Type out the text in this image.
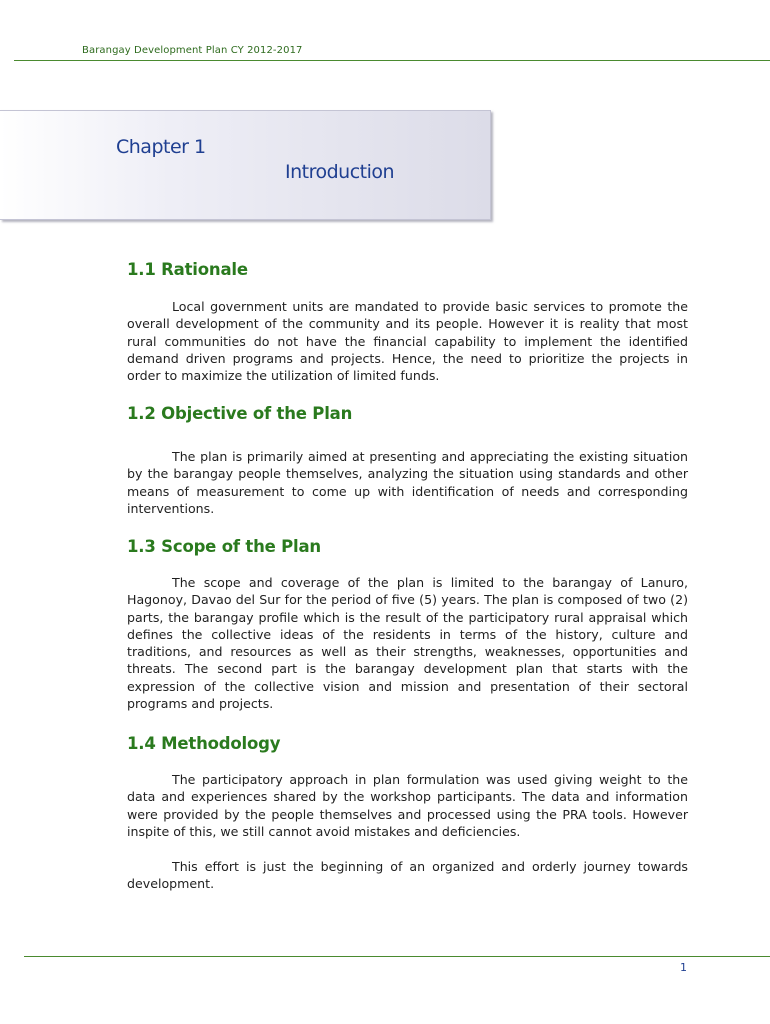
Barangay Development Plan CY 2012-2017
Chapter 1
Introduction
1.1 Rationale

Local government units are mandated to provide basic services to promote the overall development of the community and its people. However it is reality that most rural communities do not have the financial capability to implement the identified demand driven programs and projects. Hence, the need to prioritize the projects in order to maximize the utilization of limited funds.

1.2 Objective of the Plan

The plan is primarily aimed at presenting and appreciating the existing situation by the barangay people themselves, analyzing the situation using standards and other means of measurement to come up with identification of needs and corresponding interventions.

1.3 Scope of the Plan

The scope and coverage of the plan is limited to the barangay of Lanuro, Hagonoy, Davao del Sur for the period of five (5) years. The plan is composed of two (2) parts, the barangay profile which is the result of the participatory rural appraisal which defines the collective ideas of the residents in terms of the history, culture and traditions, and resources as well as their strengths, weaknesses, opportunities and threats. The second part is the barangay development plan that starts with the expression of the collective vision and mission and presentation of their sectoral programs and projects.

1.4 Methodology

The participatory approach in plan formulation was used giving weight to the data and experiences shared by the workshop participants. The data and information were provided by the people themselves and processed using the PRA tools. However inspite of this, we still cannot avoid mistakes and deficiencies.

This effort is just the beginning of an organized and orderly journey towards development.

1
